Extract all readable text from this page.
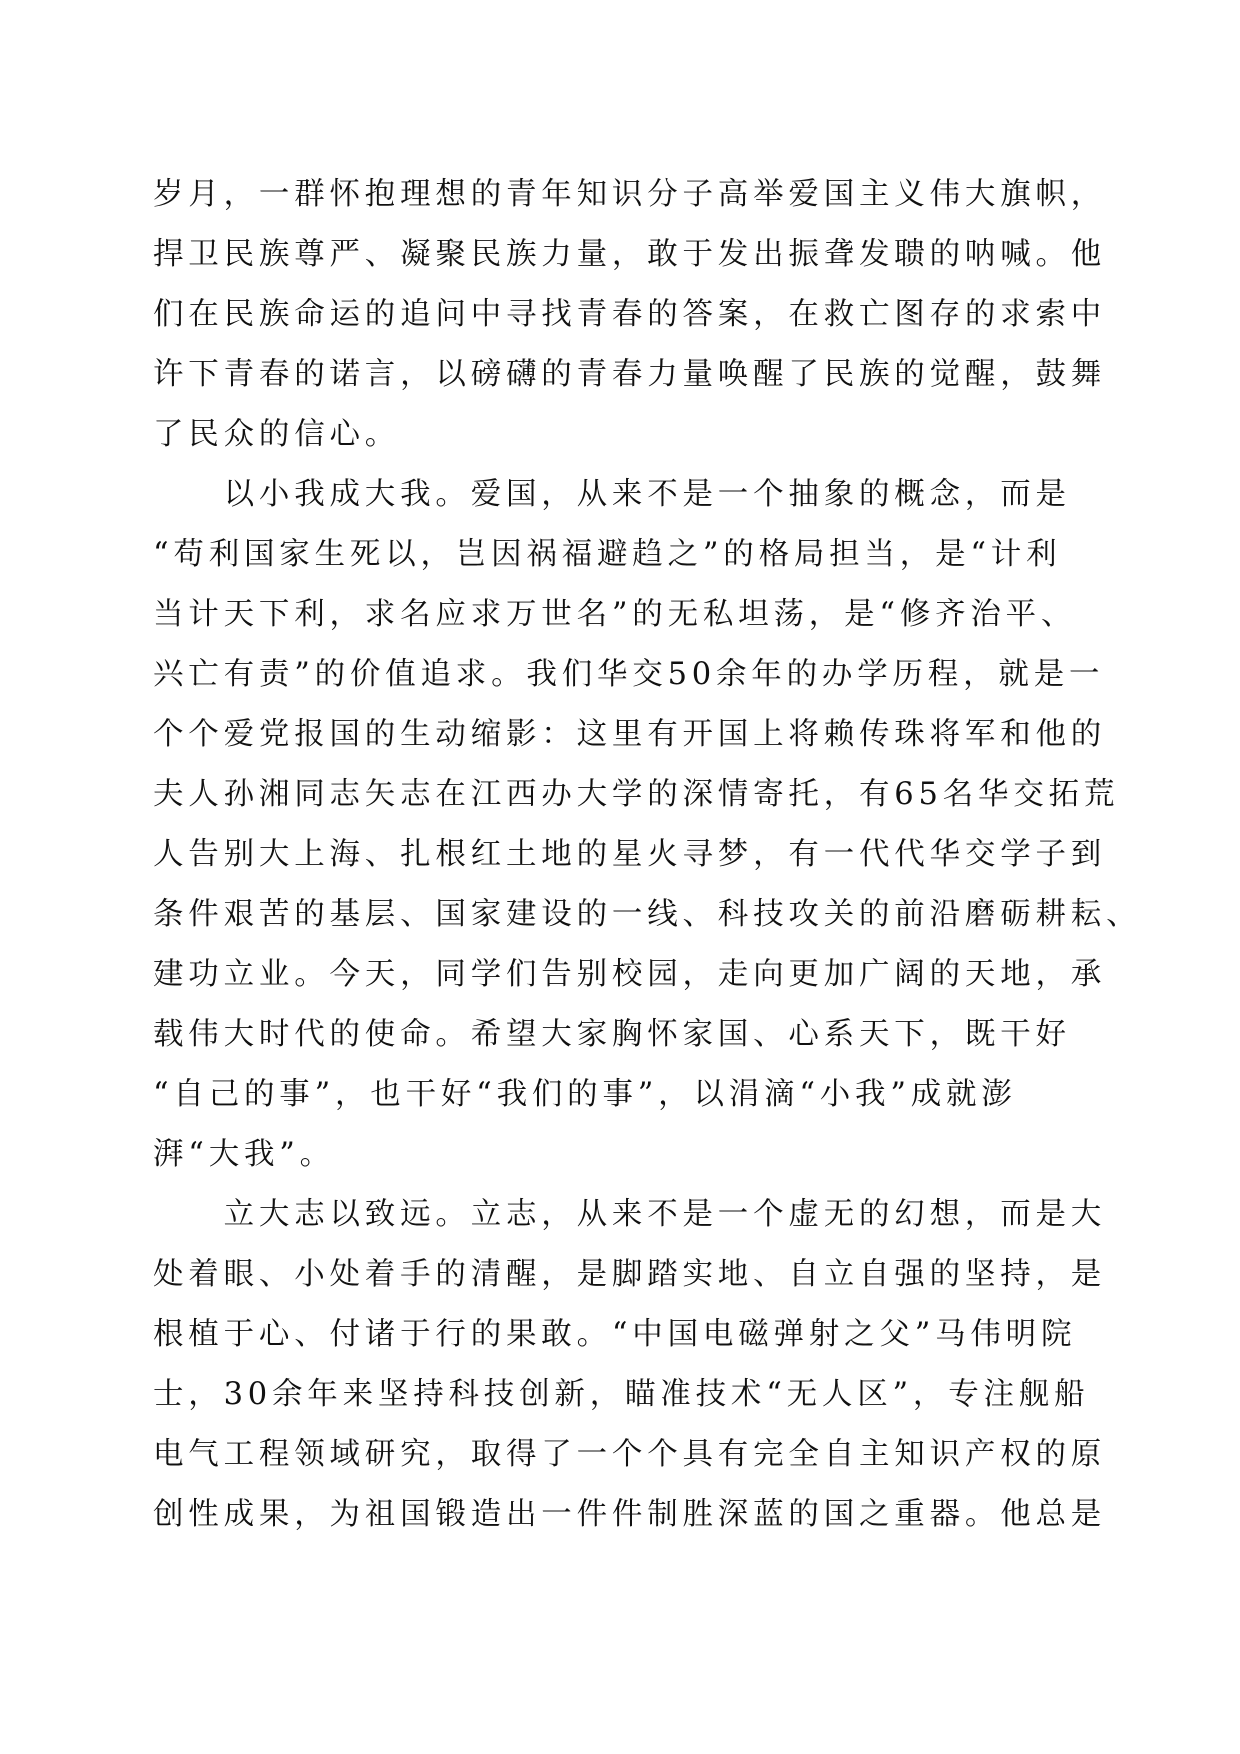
岁月，一群怀抱理想的青年知识分子高举爱国主义伟大旗帜，
捍卫民族尊严、凝聚民族力量，敢于发出振聋发聩的呐喊。他
们在民族命运的追问中寻找青春的答案，在救亡图存的求索中
许下青春的诺言，以磅礴的青春力量唤醒了民族的觉醒，鼓舞
了民众的信心。
　　以小我成大我。爱国，从来不是一个抽象的概念，而是
“苟利国家生死以，岂因祸福避趋之”的格局担当，是“计利
当计天下利，求名应求万世名”的无私坦荡，是“修齐治平、
兴亡有责”的价值追求。我们华交50余年的办学历程，就是一
个个爱党报国的生动缩影：这里有开国上将赖传珠将军和他的
夫人孙湘同志矢志在江西办大学的深情寄托，有65名华交拓荒
人告别大上海、扎根红土地的星火寻梦，有一代代华交学子到
条件艰苦的基层、国家建设的一线、科技攻关的前沿磨砺耕耘、
建功立业。今天，同学们告别校园，走向更加广阔的天地，承
载伟大时代的使命。希望大家胸怀家国、心系天下，既干好
“自己的事”，也干好“我们的事”，以涓滴“小我”成就澎
湃“大我”。
　　立大志以致远。立志，从来不是一个虚无的幻想，而是大
处着眼、小处着手的清醒，是脚踏实地、自立自强的坚持，是
根植于心、付诸于行的果敢。“中国电磁弹射之父”马伟明院
士，30余年来坚持科技创新，瞄准技术“无人区”，专注舰船
电气工程领域研究，取得了一个个具有完全自主知识产权的原
创性成果，为祖国锻造出一件件制胜深蓝的国之重器。他总是
